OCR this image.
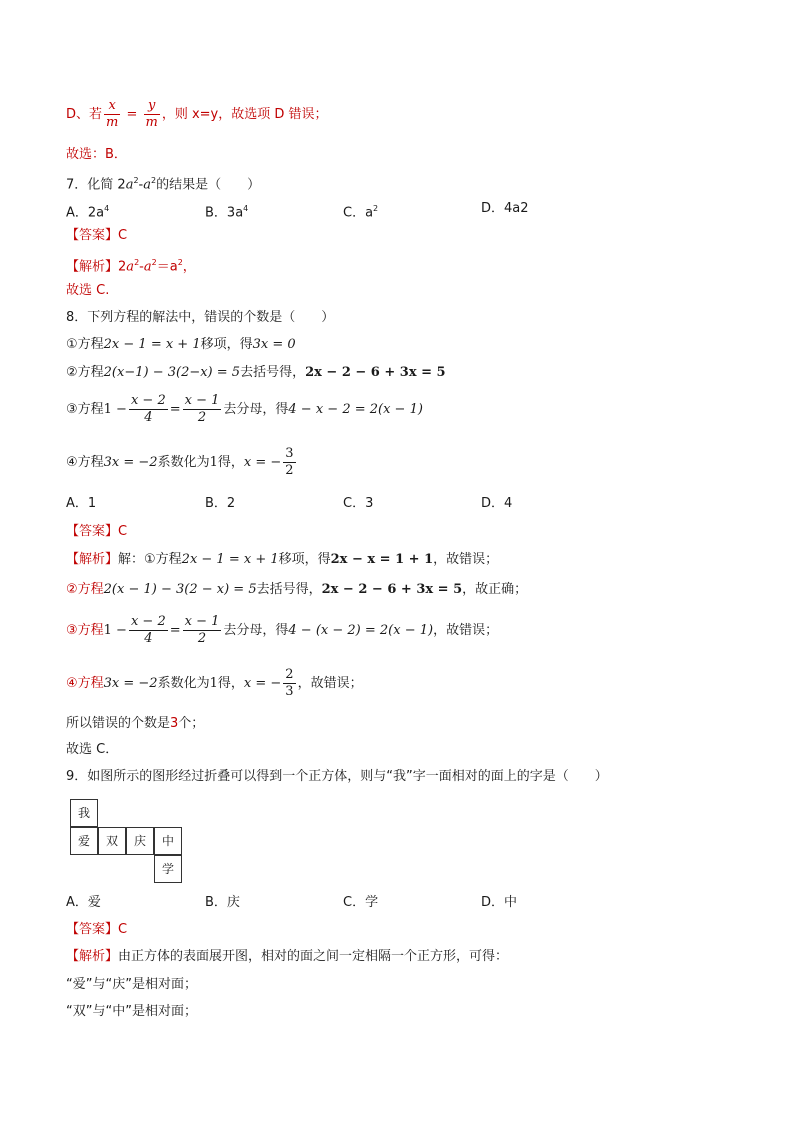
D、若 $\frac{x}{m} = \frac{y}{m}$ ，则 x=y，故选项 D 错误；
故选：B．
7．化简 $2a^2-a^2$的结果是（　　）
A．$2a^4$	B．$3a^4$	C．$a^2$	D．4a2
【答案】C
【解析】$2a^2-a^2=a^2$，
故选 C.
8．下列方程的解法中，错误的个数是（　　）
①方程2x − 1 = x + 1移项，得3x = 0
②方程2(x−1) − 3(2−x) = 5去括号得，2x − 2 − 6 + 3x = 5
③方程$1 - \frac{x - 2}{4} = \frac{x - 1}{2}$ 去分母，得4 − x − 2 = 2(x − 1)
④方程3x = −2系数化为1得，x = − $\frac{3}{2}$
A．1	B．2	C．3	D．4
【答案】C
【解析】解：①方程2x − 1 = x + 1移项，得2x − x = 1 + 1，故错误；
②方程2(x − 1) − 3(2 − x) = 5去括号得，2x − 2 − 6 + 3x = 5，故正确；
③方程$1 - \frac{x - 2}{4} = \frac{x - 1}{2}$ 去分母，得4 − (x − 2) = 2(x − 1)，故错误；
④方程3x = −2系数化为1得，x = − $\frac{2}{3}$ ，故错误；
所以错误的个数是3个；
故选 C．
9．如图所示的图形经过折叠可以得到一个正方体，则与“我”字一面相对的面上的字是（　　）
我
爱	双	庆	中
学
A．爱	B．庆	C．学	D．中
【答案】C
【解析】由正方体的表面展开图，相对的面之间一定相隔一个正方形，可得：
“爱”与“庆”是相对面；
“双”与“中”是相对面；
